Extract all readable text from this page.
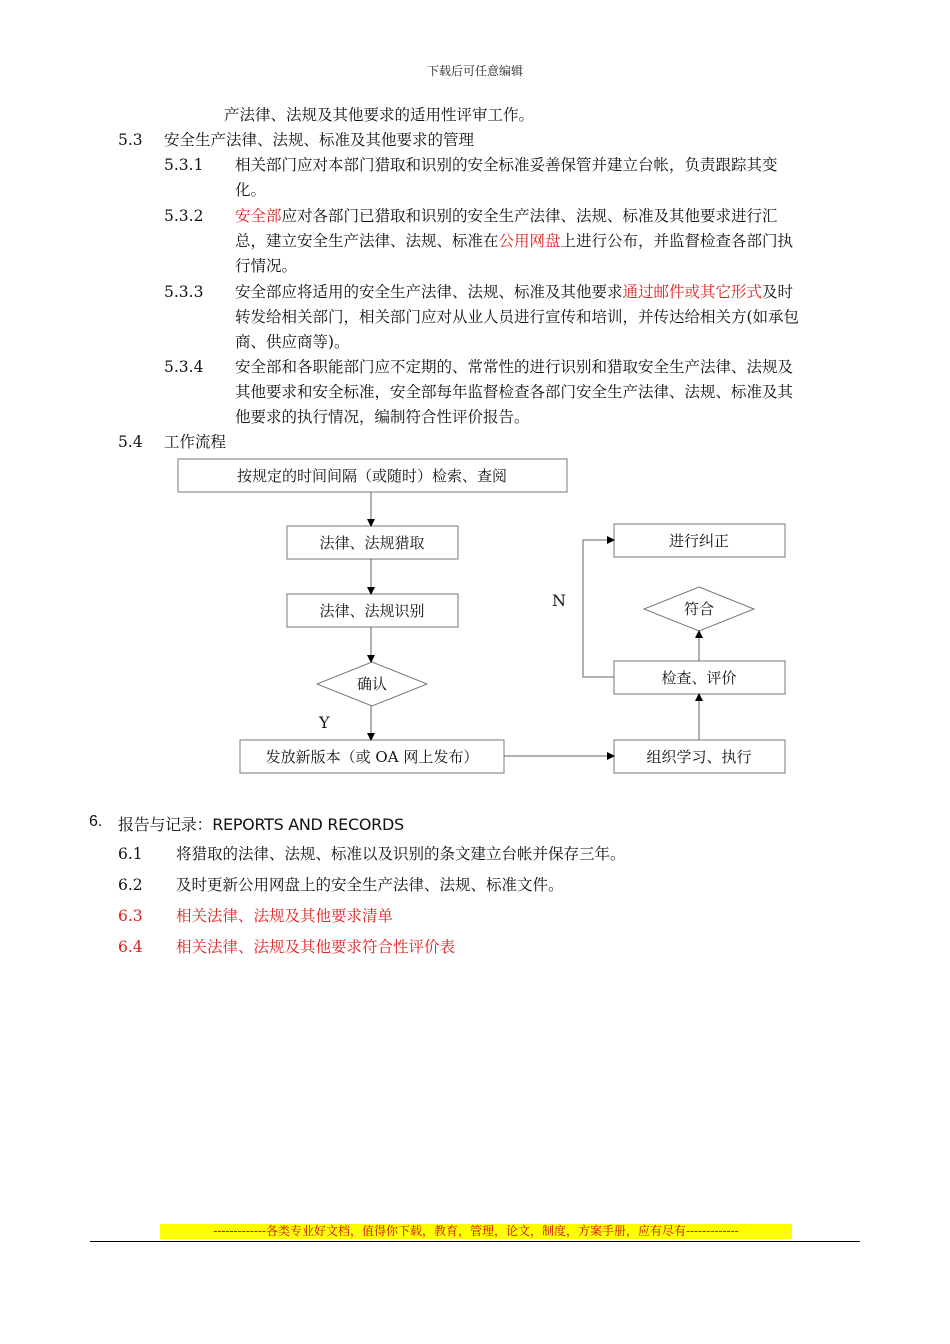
下载后可任意编辑
产法律、法规及其他要求的适用性评审工作。
5.3 安全生产法律、法规、标准及其他要求的管理
5.3.1 相关部门应对本部门猎取和识别的安全标准妥善保管并建立台帐，负责跟踪其变
化。
5.3.2 安全部应对各部门已猎取和识别的安全生产法律、法规、标准及其他要求进行汇
总，建立安全生产法律、法规、标准在公用网盘上进行公布，并监督检查各部门执
行情况。
5.3.3 安全部应将适用的安全生产法律、法规、标准及其他要求通过邮件或其它形式及时
转发给相关部门，相关部门应对从业人员进行宣传和培训，并传达给相关方(如承包
商、供应商等)。
5.3.4 安全部和各职能部门应不定期的、常常性的进行识别和猎取安全生产法律、法规及
其他要求和安全标准，安全部每年监督检查各部门安全生产法律、法规、标准及其
他要求的执行情况，编制符合性评价报告。
5.4 工作流程
按规定的时间间隔（或随时）检索、查阅
法律、法规猎取
法律、法规识别
确认
Y
发放新版本（或 OA 网上发布）	组织学习、执行
检查、评价
符合
N
进行纠正
6. 报告与记录：REPORTS AND RECORDS
6.1 将猎取的法律、法规、标准以及识别的条文建立台帐并保存三年。
6.2 及时更新公用网盘上的安全生产法律、法规、标准文件。
6.3 相关法律、法规及其他要求清单
6.4 相关法律、法规及其他要求符合性评价表
-------------各类专业好文档，值得你下载，教育，管理，论文，制度，方案手册，应有尽有-------------
